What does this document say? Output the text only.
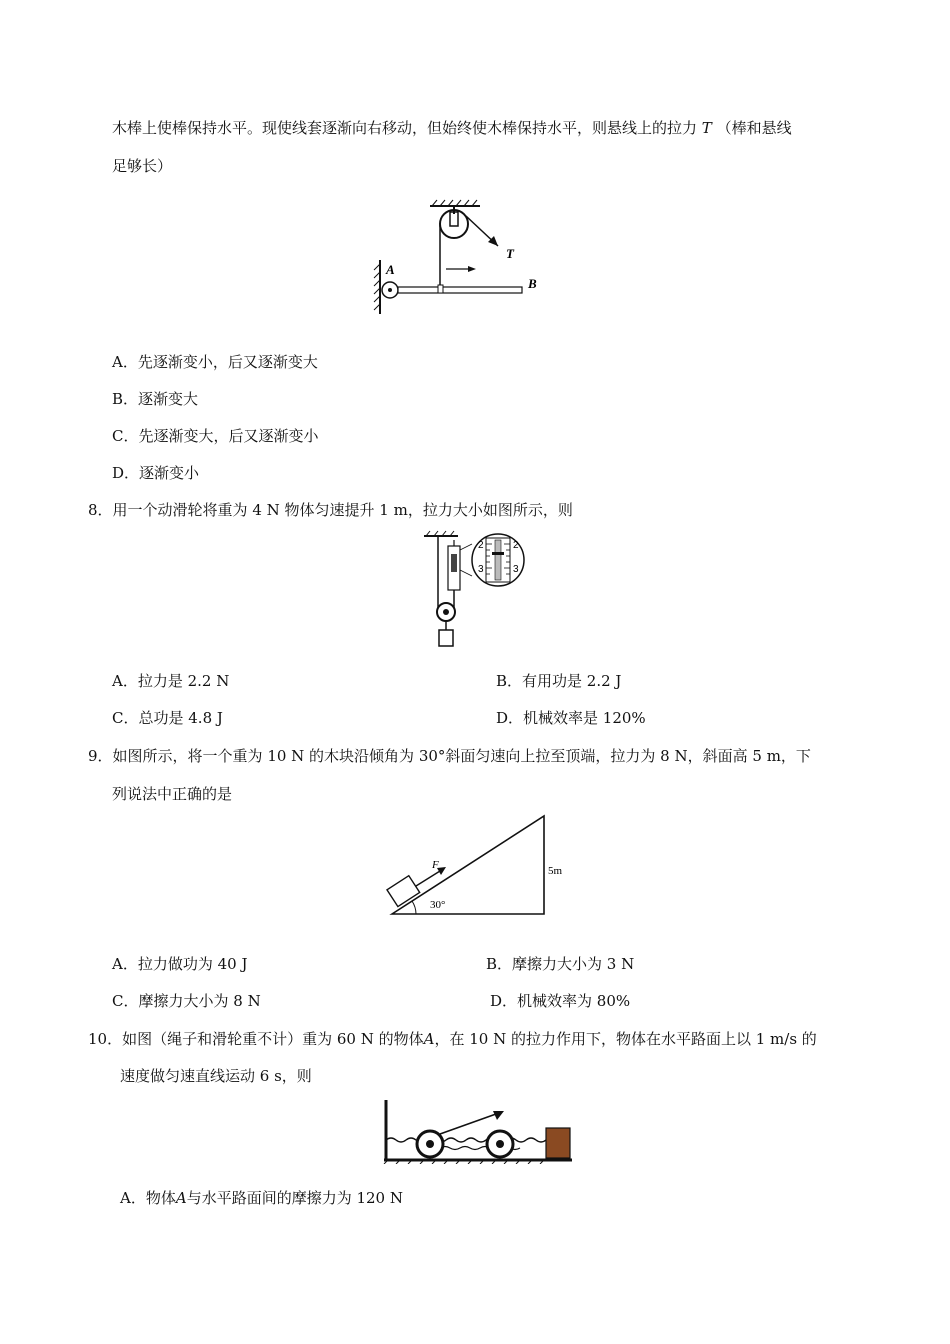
木棒上使棒保持水平。现使线套逐渐向右移动，但始终使木棒保持水平，则悬线上的拉力 T （棒和悬线
足够长）
A
B
T
A．先逐渐变小，后又逐渐变大
B．逐渐变大
C．先逐渐变大，后又逐渐变小
D．逐渐变小
8．用一个动滑轮将重为 4 N 物体匀速提升 1 m，拉力大小如图所示，则
2	2
3	3
A．拉力是 2.2 N	B．有用功是 2.2 J
C．总功是 4.8 J	D．机械效率是 120%
9．如图所示，将一个重为 10 N 的木块沿倾角为 30°斜面匀速向上拉至顶端，拉力为 8 N，斜面高 5 m，下
列说法中正确的是
F	5m
30°
A．拉力做功为 40 J	B．摩擦力大小为 3 N
C．摩擦力大小为 8 N	D．机械效率为 80%
10．如图（绳子和滑轮重不计）重为 60 N 的物体A，在 10 N 的拉力作用下，物体在水平路面上以 1 m/s 的
速度做匀速直线运动 6 s，则
A．物体A与水平路面间的摩擦力为 120 N
